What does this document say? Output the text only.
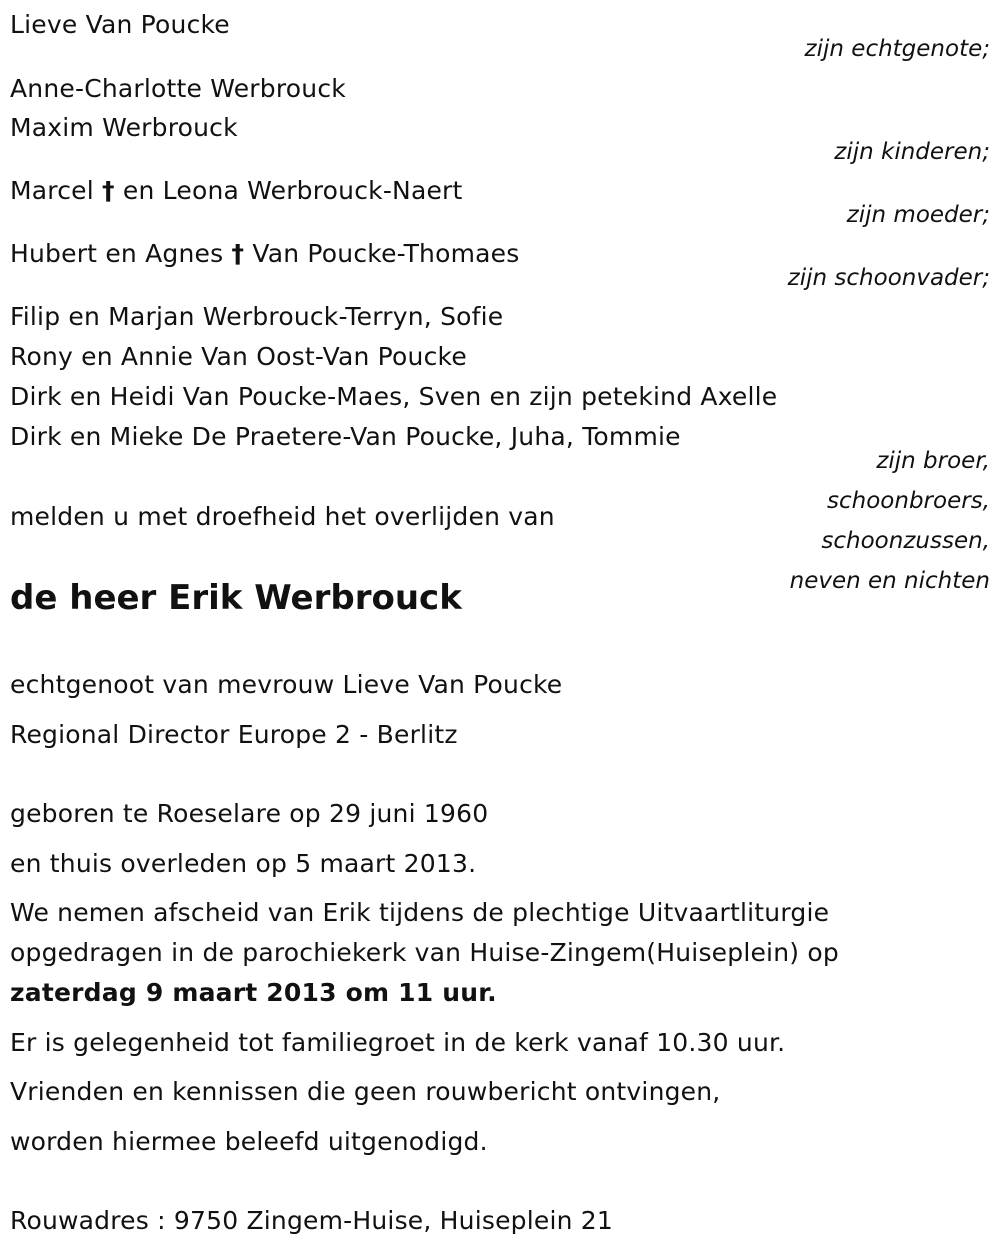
Lieve Van Poucke
zijn echtgenote;
Anne-Charlotte Werbrouck
Maxim Werbrouck
zijn kinderen;
Marcel † en Leona Werbrouck-Naert
zijn moeder;
Hubert en Agnes † Van Poucke-Thomaes
zijn schoonvader;
Filip en Marjan Werbrouck-Terryn, Sofie
Rony en Annie Van Oost-Van Poucke
Dirk en Heidi Van Poucke-Maes, Sven en zijn petekind Axelle
Dirk en Mieke De Praetere-Van Poucke, Juha, Tommie
zijn broer,
schoonbroers,
schoonzussen,
neven en nichten
melden u met droefheid het overlijden van
de heer Erik Werbrouck
echtgenoot van mevrouw Lieve Van Poucke
Regional Director Europe 2 - Berlitz
geboren te Roeselare op 29 juni 1960
en thuis overleden op 5 maart 2013.
We nemen afscheid van Erik tijdens de plechtige Uitvaartliturgie
opgedragen in de parochiekerk van Huise-Zingem(Huiseplein) op
zaterdag 9 maart 2013 om 11 uur.
Er is gelegenheid tot familiegroet in de kerk vanaf 10.30 uur.
Vrienden en kennissen die geen rouwbericht ontvingen,
worden hiermee beleefd uitgenodigd.
Rouwadres : 9750 Zingem-Huise, Huiseplein 21
